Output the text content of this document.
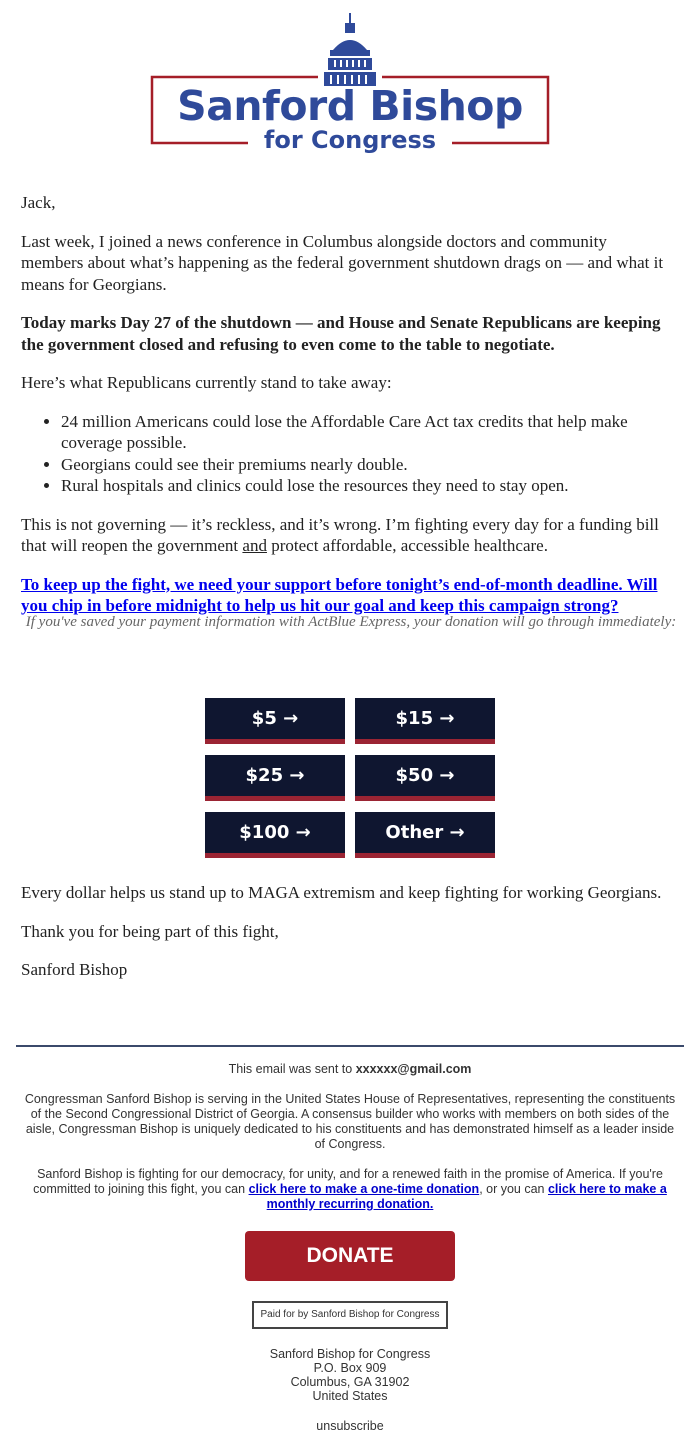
Sanford Bishop
for Congress

Jack,

Last week, I joined a news conference in Columbus alongside doctors and community members about what’s happening as the federal government shutdown drags on — and what it means for Georgians.

Today marks Day 27 of the shutdown — and House and Senate Republicans are keeping the government closed and refusing to even come to the table to negotiate.

Here’s what Republicans currently stand to take away:

• 24 million Americans could lose the Affordable Care Act tax credits that help make coverage possible.
• Georgians could see their premiums nearly double.
• Rural hospitals and clinics could lose the resources they need to stay open.

This is not governing — it’s reckless, and it’s wrong. I’m fighting every day for a funding bill that will reopen the government and protect affordable, accessible healthcare.

To keep up the fight, we need your support before tonight’s end-of-month deadline. Will you chip in before midnight to help us hit our goal and keep this campaign strong?

If you've saved your payment information with ActBlue Express, your donation will go through immediately:

$5 →	$15 →
$25 →	$50 →
$100 →	Other →

Every dollar helps us stand up to MAGA extremism and keep fighting for working Georgians.

Thank you for being part of this fight,

Sanford Bishop

This email was sent to xxxxxx@gmail.com

Congressman Sanford Bishop is serving in the United States House of Representatives, representing the constituents of the Second Congressional District of Georgia. A consensus builder who works with members on both sides of the aisle, Congressman Bishop is uniquely dedicated to his constituents and has demonstrated himself as a leader inside of Congress.

Sanford Bishop is fighting for our democracy, for unity, and for a renewed faith in the promise of America. If you're committed to joining this fight, you can click here to make a one-time donation, or you can click here to make a monthly recurring donation.

DONATE
Paid for by Sanford Bishop for Congress
Sanford Bishop for Congress
P.O. Box 909
Columbus, GA 31902
United States
unsubscribe
